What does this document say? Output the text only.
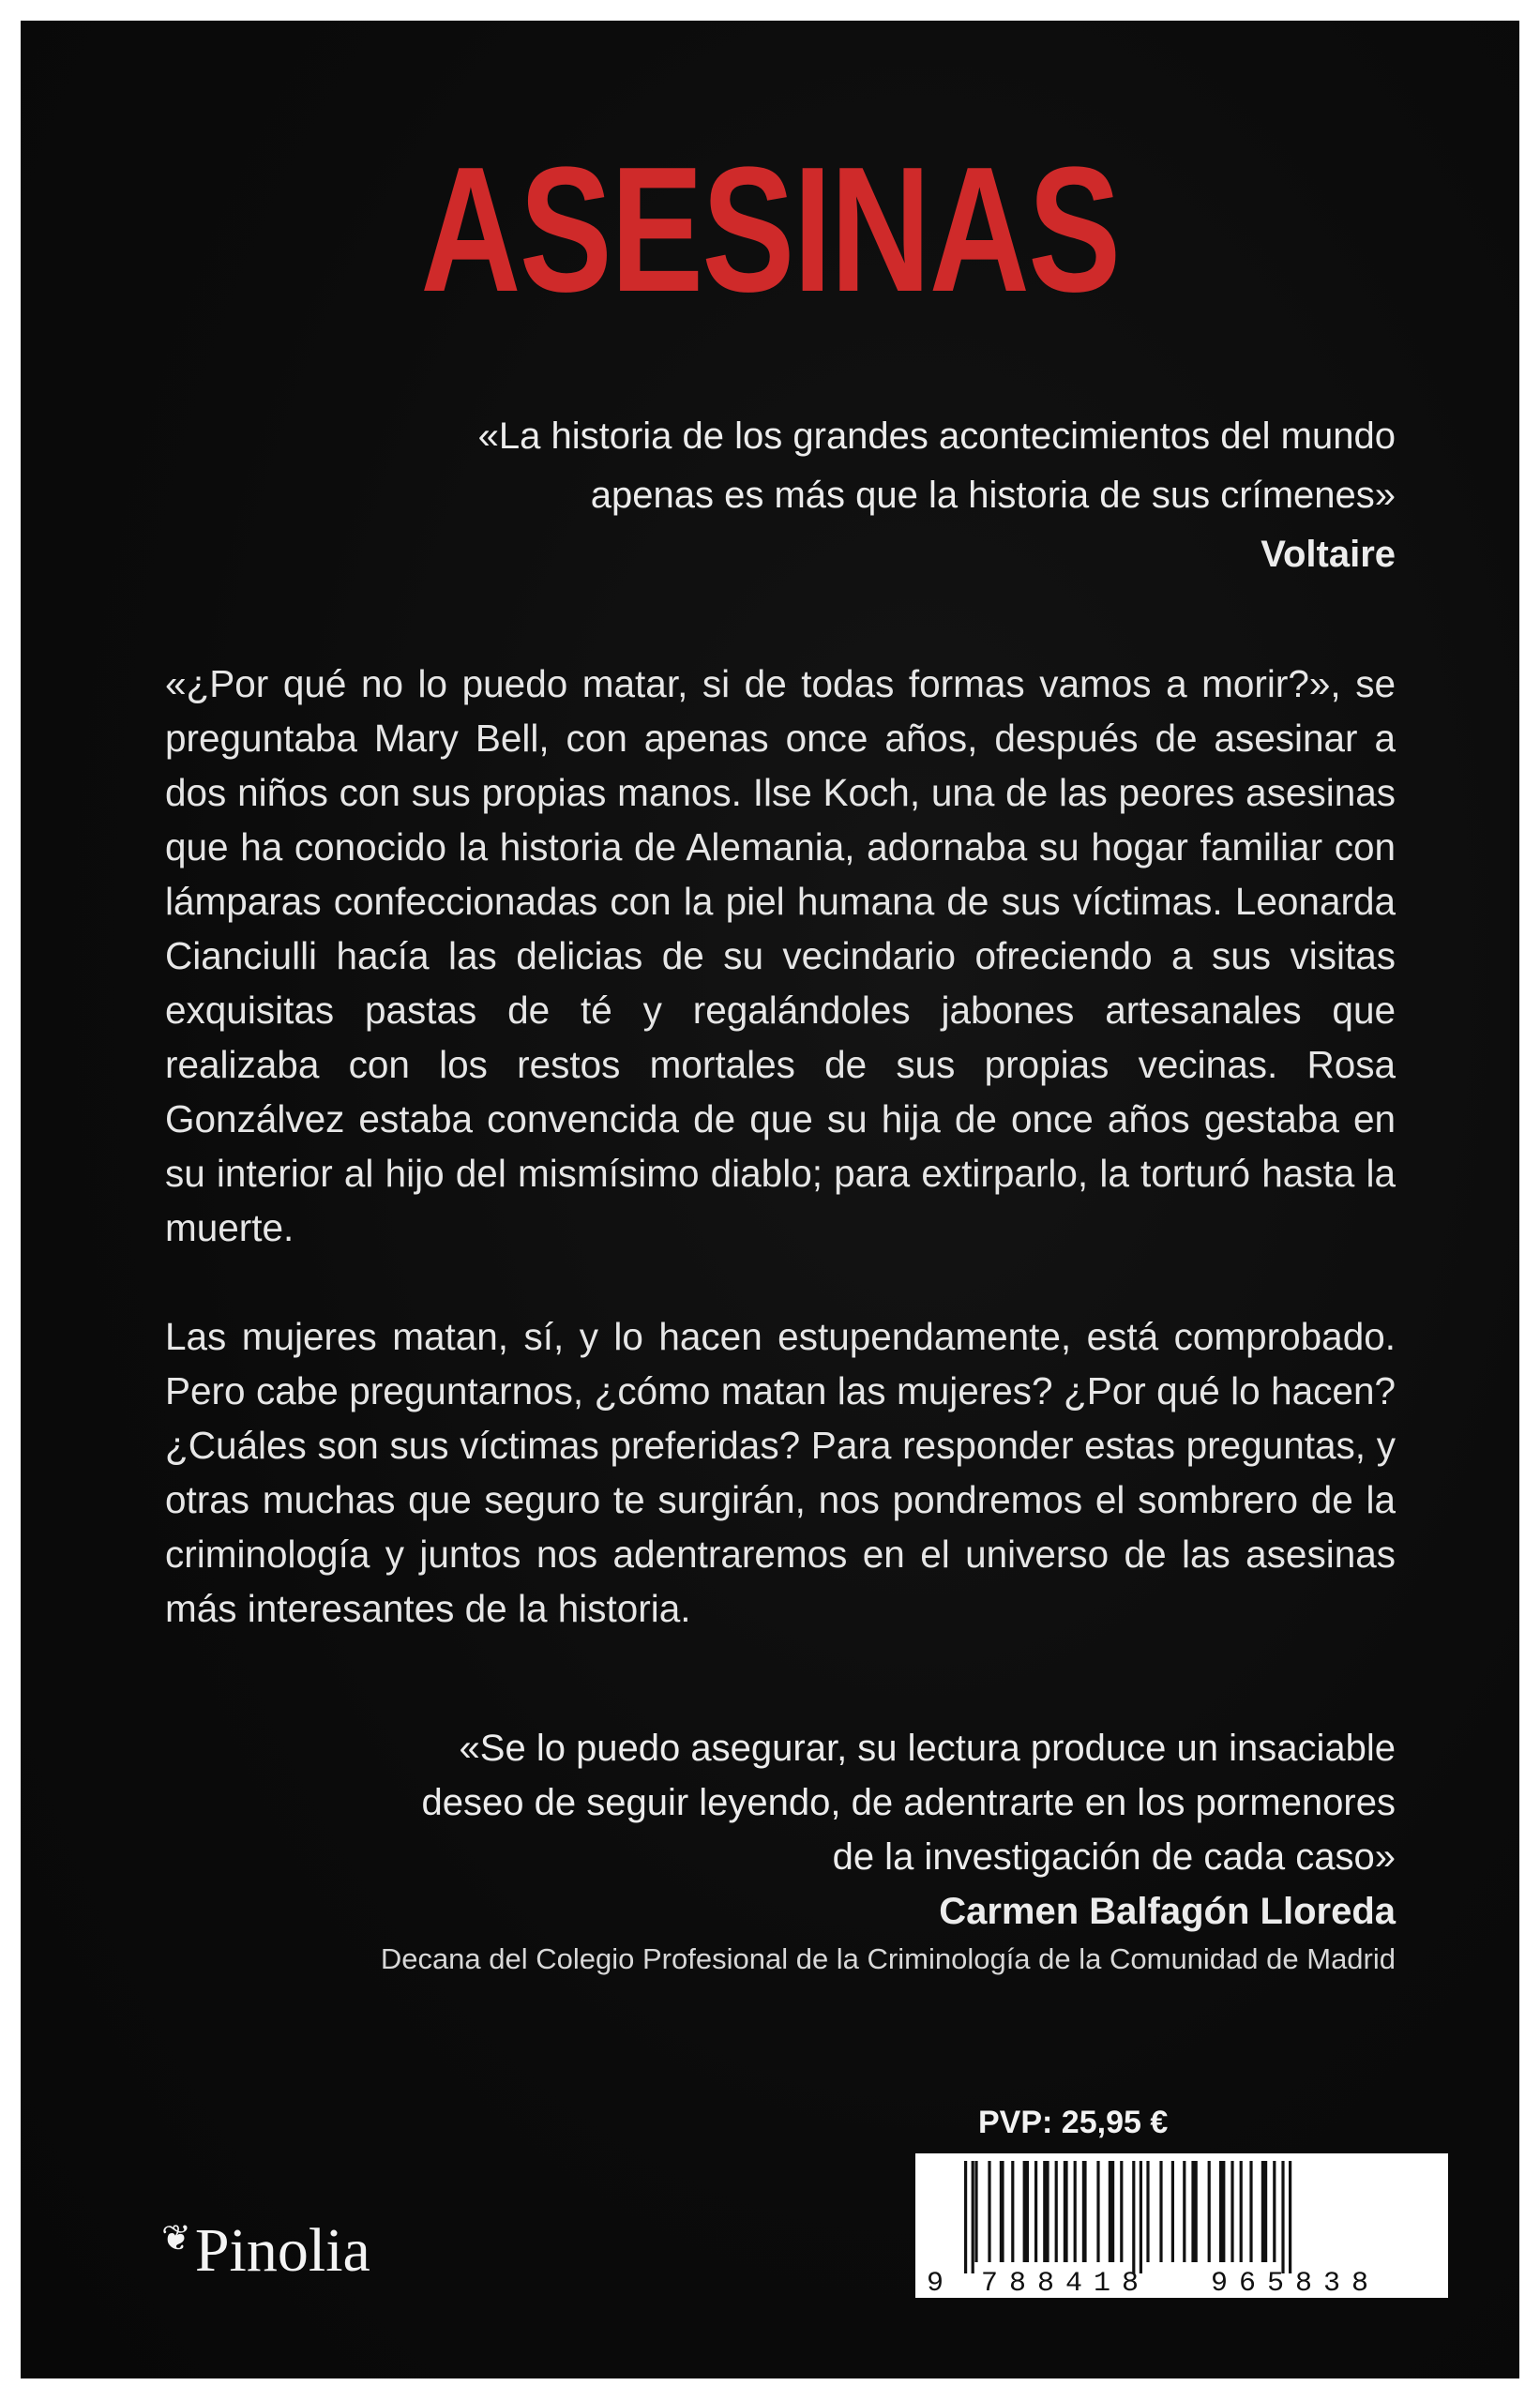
ASESINAS
«La historia de los grandes acontecimientos del mundo
apenas es más que la historia de sus crímenes»
Voltaire

«¿Por qué no lo puedo matar, si de todas formas vamos a morir?», se preguntaba Mary Bell, con apenas once años, después de asesinar a dos niños con sus propias manos. Ilse Koch, una de las peores asesinas que ha conocido la historia de Alemania, adornaba su hogar familiar con lámparas confeccionadas con la piel humana de sus víctimas. Leonarda Cianciulli hacía las delicias de su vecindario ofreciendo a sus visitas exquisitas pastas de té y regalándoles jabones artesanales que realizaba con los restos mortales de sus propias vecinas. Rosa Gonzálvez estaba convencida de que su hija de once años gestaba en su interior al hijo del mismísimo diablo; para extirparlo, la torturó hasta la muerte.

Las mujeres matan, sí, y lo hacen estupendamente, está comprobado. Pero cabe preguntarnos, ¿cómo matan las mujeres? ¿Por qué lo hacen? ¿Cuáles son sus víctimas preferidas? Para responder estas preguntas, y otras muchas que seguro te surgirán, nos pondremos el sombrero de la criminología y juntos nos adentraremos en el universo de las asesinas más interesantes de la historia.

«Se lo puedo asegurar, su lectura produce un insaciable
deseo de seguir leyendo, de adentrarte en los pormenores
de la investigación de cada caso»
Carmen Balfagón Lloreda
Decana del Colegio Profesional de la Criminología de la Comunidad de Madrid
PVP: 25,95 €
9 788418 965838
❦ Pinolia
